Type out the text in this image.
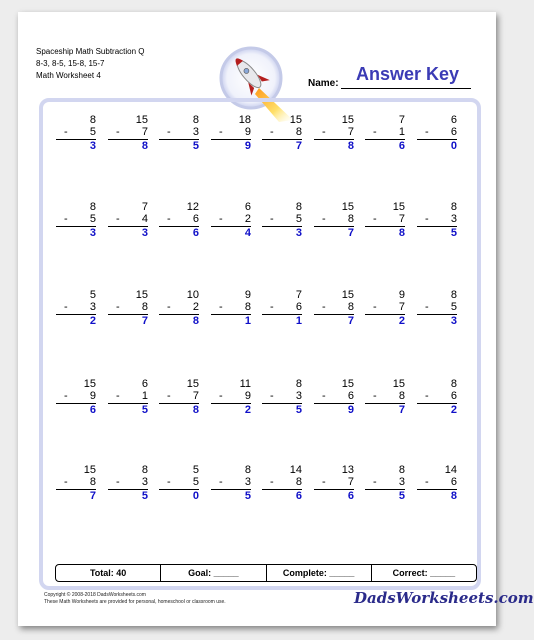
Spaceship Math Subtraction Q
8-3, 8-5, 15-8, 15-7
Math Worksheet 4
Name: Answer Key
8
- 5
3
15
- 7
8
8
- 3
5
18
- 9
9
15
- 8
7
15
- 7
8
7
- 1
6
6
- 6
0
8
- 5
3
7
- 4
3
12
- 6
6
6
- 2
4
8
- 5
3
15
- 8
7
15
- 7
8
8
- 3
5
5
- 3
2
15
- 8
7
10
- 2
8
9
- 8
1
7
- 6
1
15
- 8
7
9
- 7
2
8
- 5
3
15
- 9
6
6
- 1
5
15
- 7
8
11
- 9
2
8
- 3
5
15
- 6
9
15
- 8
7
8
- 6
2
15
- 8
7
8
- 3
5
5
- 5
0
8
- 3
5
14
- 8
6
13
- 7
6
8
- 3
5
14
- 6
8
Total: 40	Goal: _____	Complete: _____	Correct: _____
Copyright © 2008-2018 DadsWorksheets.com
These Math Worksheets are provided for personal, homeschool or classroom use.	DadsWorksheets.com
